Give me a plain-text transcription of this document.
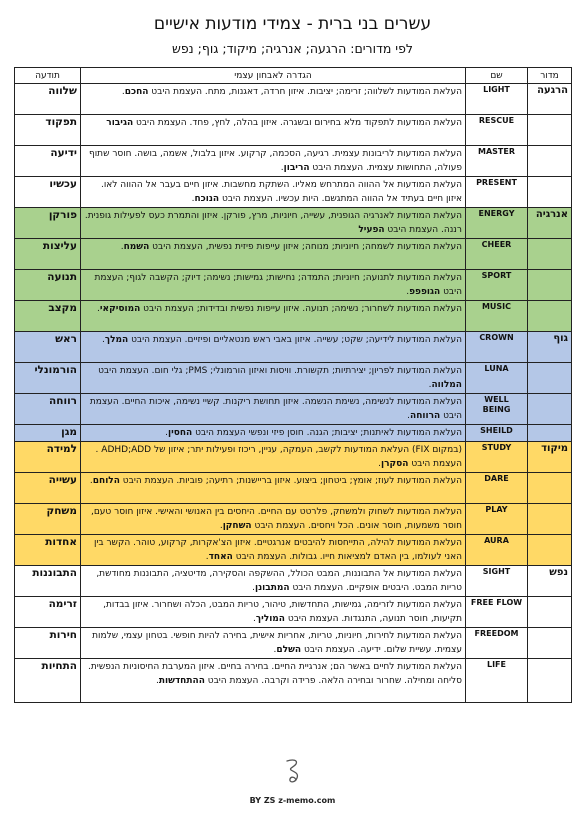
עשרים בני ברית - צמידי מודעות אישיים
לפי מדורים: הרגעה; אנרגיה; מיקוד; גוף; נפש
מדור	שם	הגדרה לאבחון עצמי	תודעה
הרגעה	LIGHT	העלאת המודעות לשלווה; זרימה; יציבות. איזון חרדה, דאגנות, מתח. העצמת היבט החכם.	שלווה
	RESCUE	העלאת המודעות לתפקוד מלא בחירום ובשגרה. איזון בהלה, לחץ, פחד. העצמת היבט הגיבור	תפקוד
	MASTER	העלאת המודעות לריבונות עצמית. רגיעה, הסכמה, קרקוע. איזון בלבול, אשמה, בושה. חוסר שתוף פעולה, התחושות עצמית. העצמת היבט הריבון.	ידיעה
	PRESENT	העלאת המודעות אל ההווה המתרחש מאליו. השתקת מחשבות. איזון חיים בעבר אל ההווה לאו. איזון חיים בעתיד אל ההווה המתגשם. היות עכשיו. העצמת היבט הנוכח.	עכשיו
אנרגיה	ENERGY	העלאת המודעות לאנרגיה הגופנית, עשייה, חיוניות, מרץ, פורקן. איזון והתמרת כעס לפעילות גופנית. רננה. העצמת היבט הפעיל	פורקן
	CHEER	העלאת המודעות לשמחה; חיוניות; מנוחה; איזון עייפות פיזית נפשית, העצמת היבט השמח.	עליצות
	SPORT	העלאת המודעות לתנועה; חיוניות; התמדה; נחישות; גמישות; נשימה; דיוק; הקשבה לגוף; העצמת היבט הגופפפ.	תנועה
	MUSIC	העלאת המודעות לשחרור; נשימה; תנועה. איזון עייפות נפשית ובדידות; העצמת היבט המוסיקאי.	מקצב
גוף	CROWN	העלאת המודעות לידיעה; שקט; עשייה. איזון באבי ראש מנטאליים ופיזיים. העצמת היבט המלך.	ראש
	LUNA	העלאת המודעות לפריון; יצירתיות; תקשורת. וויסות ואיזון הורמונלי; PMS; גלי חום. העצמת היבט המלווה.	הורמונלי
	WELL BEING	העלאת המודעות לנשימה, נשימת הנשמה. איזון תחושת ריקנות. קשיי נשימה, איכות החיים. העצמת היבט הרווחה.	רווחה
	SHEILD	העלאת המודעות לאיתנות; יציבות; הגנה. חוסן פיזי ונפשי העצמת היבט החסין.	מגן
מיקוד	STUDY	(במקום FIX) העלאת המודעות לקשב, העמקה, עניין, ריכוז ופעילות יתר; איזון של ADHD;ADD . העצמת היבט הסקרן.	למידה
	DARE	העלאת המודעות לעוז; אומץ; ביטחון; ביצוע. איזון בריישנות; רתיעה; פוביות. העצמת היבט הלוחם.	עשייה
	PLAY	העלאת המודעות לשחוק ולמשחק, פלרטט עם החיים. היחסים בין האנושי והאישי. איזון חוסר טעם, חוסר משמעות, חוסר אונים. הכל ויחסים. העצמת היבט השחקן.	משחק
	AURA	העלאת המודעות להילה, התייחסות להיבטים אנרגטיים. איזון הצ'אקרות, קרקוע, טוהר. הקשר בין האני לעולמו, בין האדם למציאות חייו. גבולות. העצמת היבט האחד.	אחדות
נפש	SIGHT	העלאת המודעות אל התבוננות, המבט הכולל, ההשקפה והסקירה, מדיטציה, התבוננות מחודשת, טריות המבט. היבטים אופקיים. העצמת היבט המתבונן.	התבוננות
	FREE FLOW	העלאת המודעות לזרימה, גמישות, התחדשות, טיהור, טריות המבט, הכלה ושחרור. איזון בבדות, תקיעות, חוסר תנועה, התנגדות. העצמת היבט המוליך.	זרימה
	FREEDOM	העלאת המודעות לחירות, חיוניות, טריות, אחריות אישית, בחירה להיות חופשי. בטחון עצמי, שלמות עצמית. עשיית שלום. ידיעה. העצמת היבט השלם.	חירות
	LIFE	העלאת המודעות לחיים באשר הם; אנרגיית החיים. בחירה בחיים. איזון המערבת החיסוניות הנפשית. סליחה ומחילה. שחרור ובחירה הלאה. פרידה וקרבה. העצמת היבט ההתחדשות.	התחיות
BY ZS z-memo.com
